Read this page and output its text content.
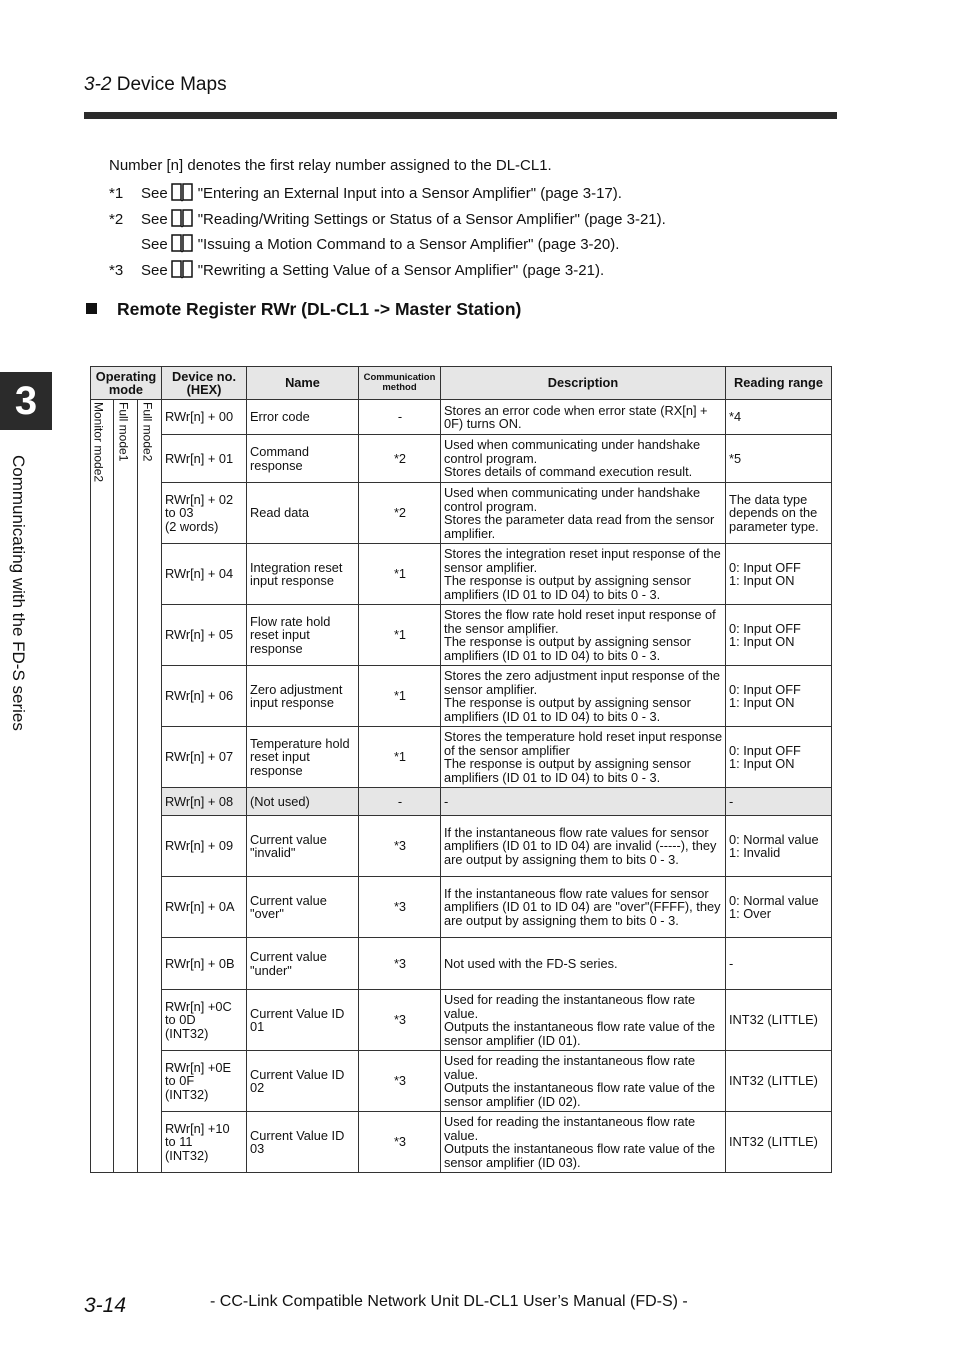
3-2 Device Maps
Number [n] denotes the first relay number assigned to the DL-CL1.
*1 See "Entering an External Input into a Sensor Amplifier" (page 3-17).
*2 See "Reading/Writing Settings or Status of a Sensor Amplifier" (page 3-21).
See "Issuing a Motion Command to a Sensor Amplifier" (page 3-20).
*3 See "Rewriting a Setting Value of a Sensor Amplifier" (page 3-21).
Remote Register RWr (DL-CL1 -> Master Station)
3
Communicating with the FD-S series
Operating mode			Device no. (HEX)	Name	Communication method	Description	Reading range

Monitor mode2	Full mode1	Full mode2	RWr[n] + 00	Error code	-	Stores an error code when error state (RX[n] + 0F) turns ON.	*4
			RWr[n] + 01	Command response	*2	Used when communicating under handshake control program.
Stores details of command execution result.	*5
			RWr[n] + 02
to 03
(2 words)	Read data	*2	Used when communicating under handshake control program.
Stores the parameter data read from the sensor amplifier.	The data type depends on the parameter type.
			RWr[n] + 04	Integration reset input response	*1	Stores the integration reset input response of the sensor amplifier.
The response is output by assigning sensor amplifiers (ID 01 to ID 04) to bits 0 - 3.	0: Input OFF
1: Input ON
			RWr[n] + 05	Flow rate hold reset input response	*1	Stores the flow rate hold reset input response of the sensor amplifier.
The response is output by assigning sensor amplifiers (ID 01 to ID 04) to bits 0 - 3.	0: Input OFF
1: Input ON
			RWr[n] + 06	Zero adjustment input response	*1	Stores the zero adjustment input response of the sensor amplifier.
The response is output by assigning sensor amplifiers (ID 01 to ID 04) to bits 0 - 3.	0: Input OFF
1: Input ON
			RWr[n] + 07	Temperature hold reset input response	*1	Stores the temperature hold reset input response of the sensor amplifier
The response is output by assigning sensor amplifiers (ID 01 to ID 04) to bits 0 - 3.	0: Input OFF
1: Input ON
			RWr[n] + 08	(Not used)	-	-	-
			RWr[n] + 09	Current value "invalid"	*3	If the instantaneous flow rate values for sensor amplifiers (ID 01 to ID 04) are invalid (-----), they are output by assigning them to bits 0 - 3.	0: Normal value
1: Invalid
			RWr[n] + 0A	Current value "over"	*3	If the instantaneous flow rate values for sensor amplifiers (ID 01 to ID 04) are "over"(FFFF), they are output by assigning them to bits 0 - 3.	0: Normal value
1: Over
			RWr[n] + 0B	Current value "under"	*3	Not used with the FD-S series.	-
			RWr[n] +0C
to 0D
(INT32)	Current Value ID 01	*3	Used for reading the instantaneous flow rate value.
Outputs the instantaneous flow rate value of the sensor amplifier (ID 01).	INT32 (LITTLE)
			RWr[n] +0E
to 0F
(INT32)	Current Value ID 02	*3	Used for reading the instantaneous flow rate value.
Outputs the instantaneous flow rate value of the sensor amplifier (ID 02).	INT32 (LITTLE)
			RWr[n] +10
to 11
(INT32)	Current Value ID 03	*3	Used for reading the instantaneous flow rate value.
Outputs the instantaneous flow rate value of the sensor amplifier (ID 03).	INT32 (LITTLE)
3-14	- CC-Link Compatible Network Unit DL-CL1 User’s Manual (FD-S) -
